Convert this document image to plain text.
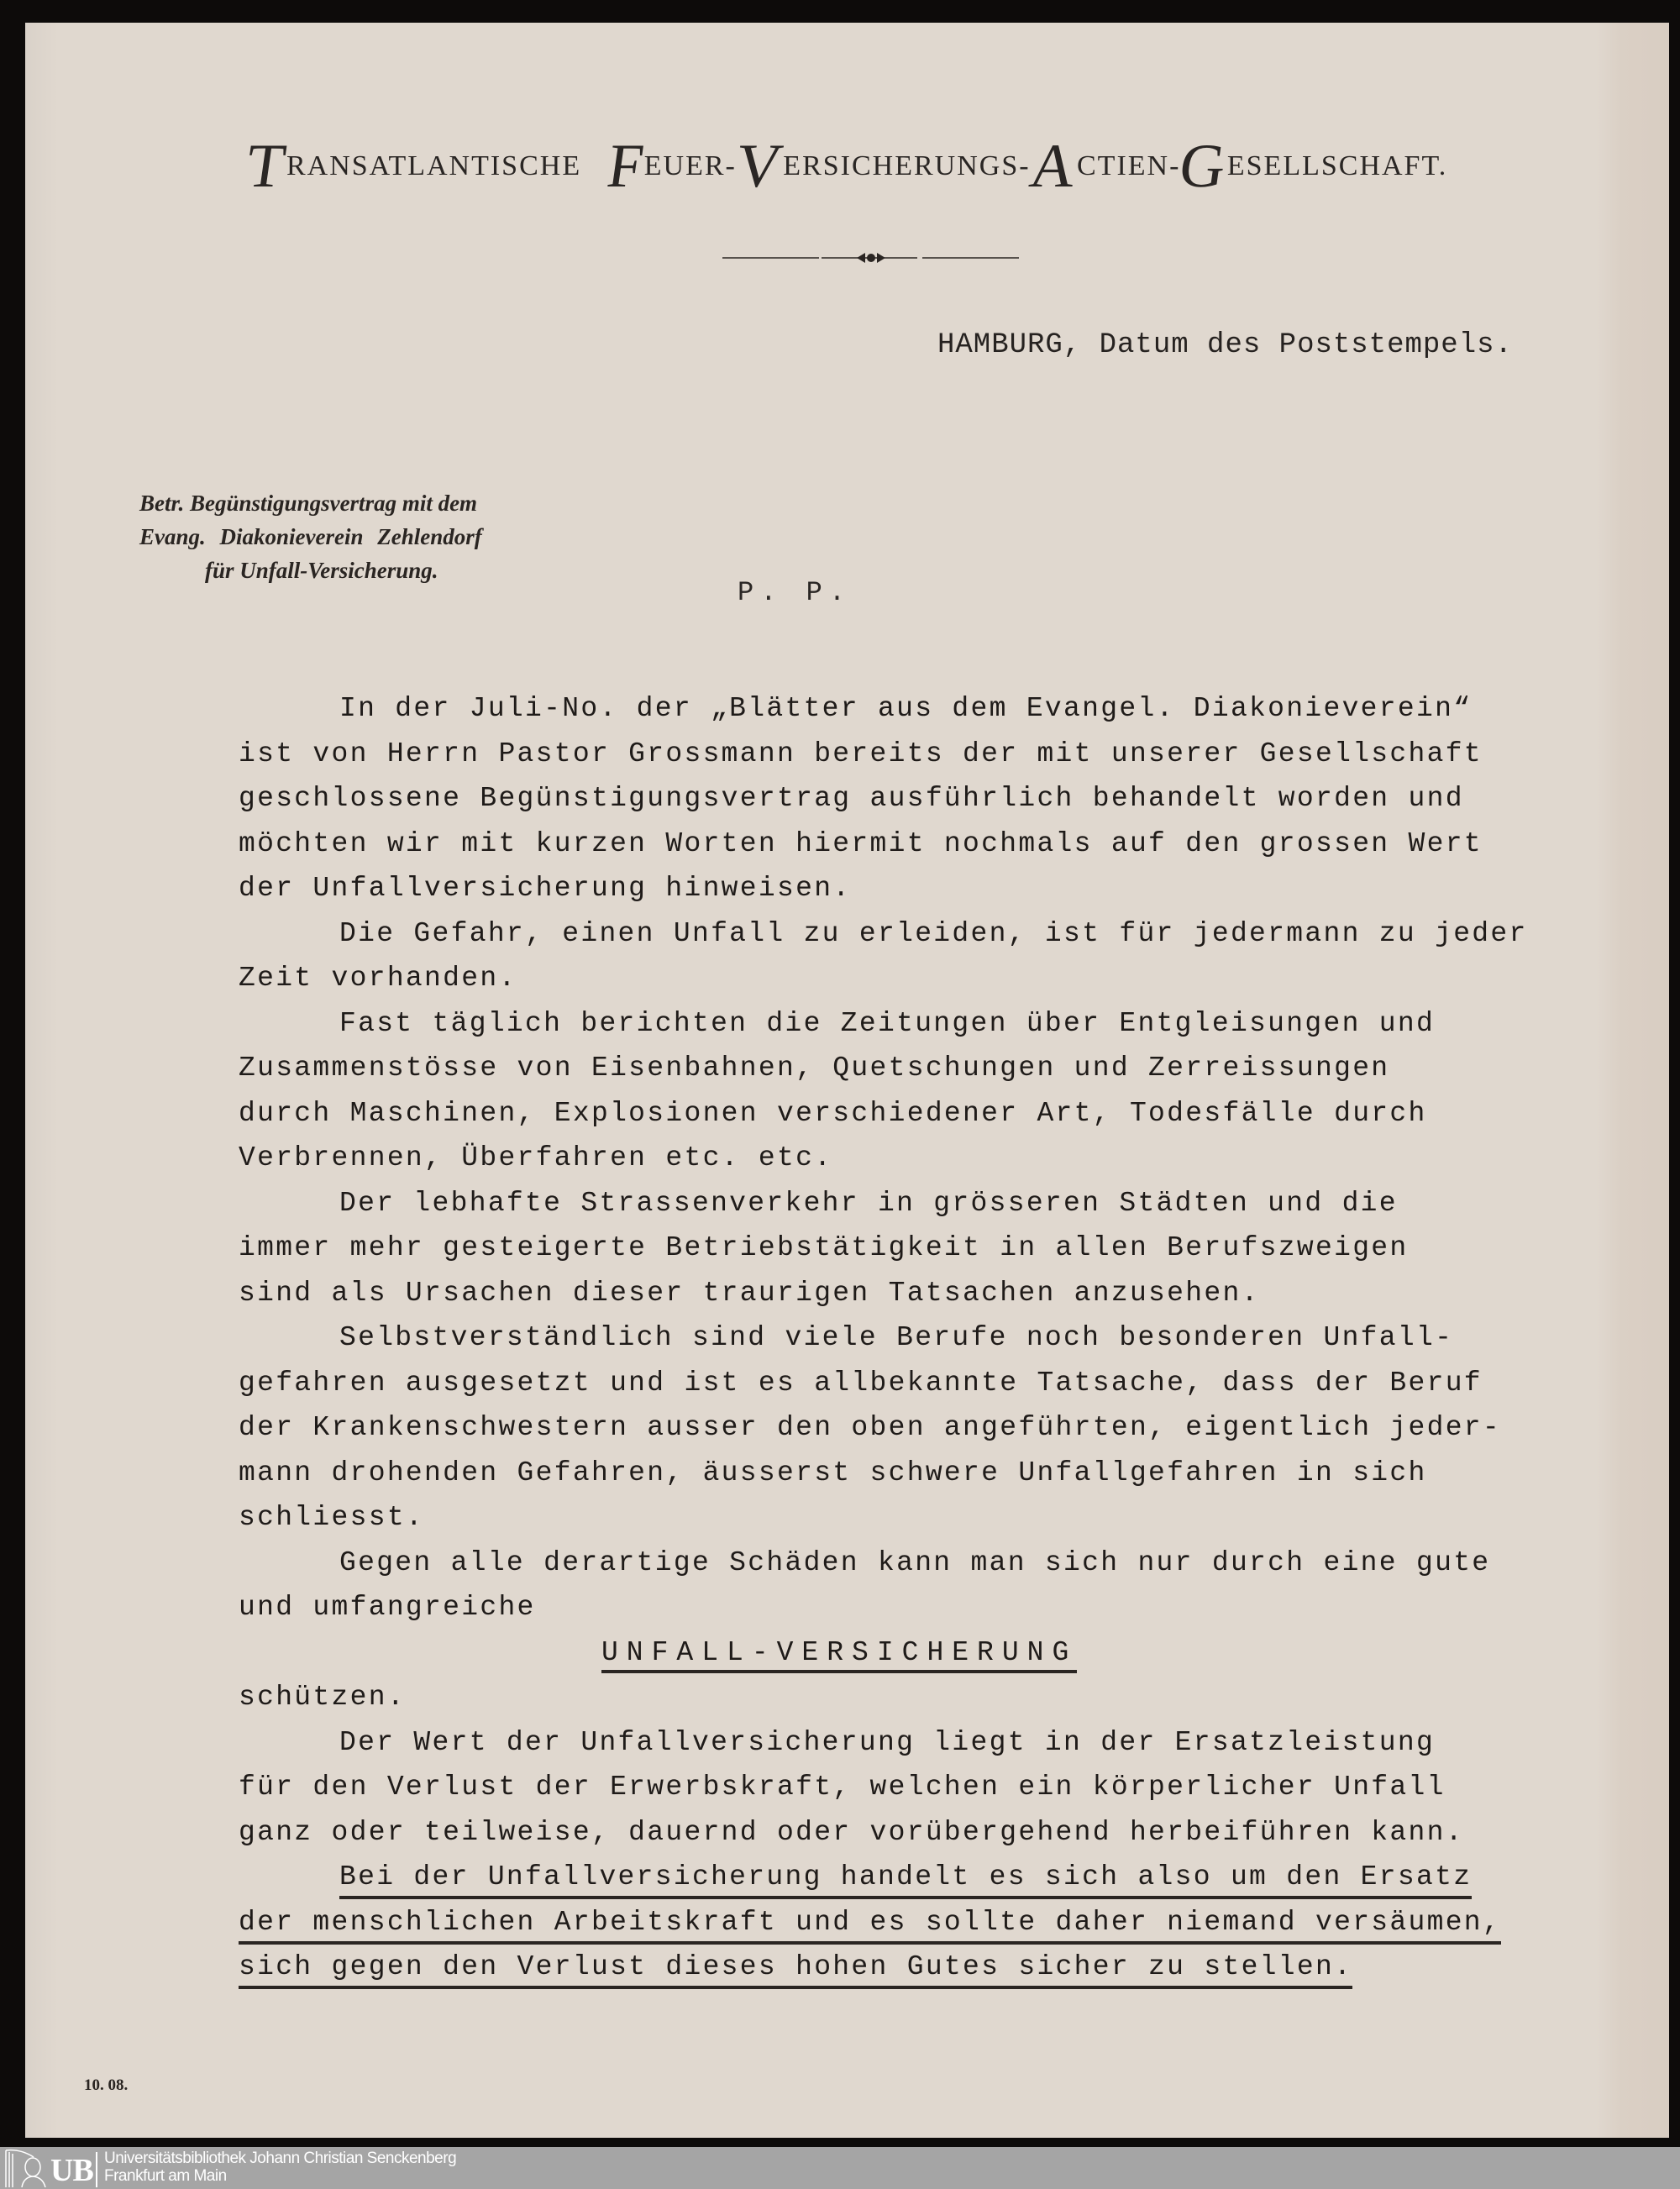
TRANSATLANTISCHE FEUER-VERSICHERUNGS-ACTIEN-GESELLSCHAFT.
HAMBURG, Datum des Poststempels.
Betr. Begünstigungsvertrag mit dem
Evang. Diakonieverein Zehlendorf
für Unfall-Versicherung.
P. P.
In der Juli-No. der „Blätter aus dem Evangel. Diakonieverein“
ist von Herrn Pastor Grossmann bereits der mit unserer Gesellschaft
geschlossene Begünstigungsvertrag ausführlich behandelt worden und
möchten wir mit kurzen Worten hiermit nochmals auf den grossen Wert
der Unfallversicherung hinweisen.
Die Gefahr, einen Unfall zu erleiden, ist für jedermann zu jeder
Zeit vorhanden.
Fast täglich berichten die Zeitungen über Entgleisungen und
Zusammenstösse von Eisenbahnen, Quetschungen und Zerreissungen
durch Maschinen, Explosionen verschiedener Art, Todesfälle durch
Verbrennen, Überfahren etc. etc.
Der lebhafte Strassenverkehr in grösseren Städten und die
immer mehr gesteigerte Betriebstätigkeit in allen Berufszweigen
sind als Ursachen dieser traurigen Tatsachen anzusehen.
Selbstverständlich sind viele Berufe noch besonderen Unfall-
gefahren ausgesetzt und ist es allbekannte Tatsache, dass der Beruf
der Krankenschwestern ausser den oben angeführten, eigentlich jeder-
mann drohenden Gefahren, äusserst schwere Unfallgefahren in sich
schliesst.
Gegen alle derartige Schäden kann man sich nur durch eine gute
und umfangreiche
UNFALL-VERSICHERUNG
schützen.
Der Wert der Unfallversicherung liegt in der Ersatzleistung
für den Verlust der Erwerbskraft, welchen ein körperlicher Unfall
ganz oder teilweise, dauernd oder vorübergehend herbeiführen kann.
Bei der Unfallversicherung handelt es sich also um den Ersatz
der menschlichen Arbeitskraft und es sollte daher niemand versäumen,
sich gegen den Verlust dieses hohen Gutes sicher zu stellen.
10. 08.
UB Universitätsbibliothek Johann Christian Senckenberg
Frankfurt am Main
